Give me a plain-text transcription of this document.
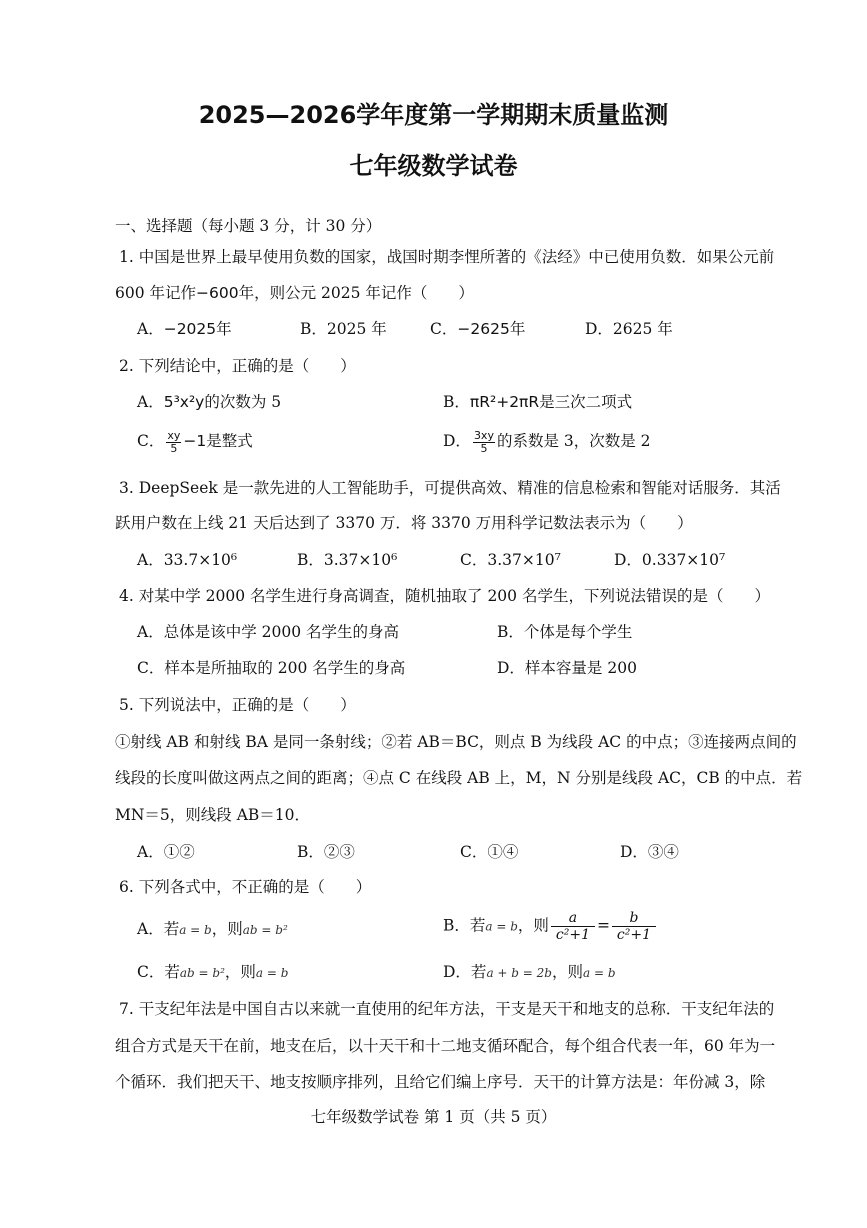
2025—2026学年度第一学期期末质量监测
七年级数学试卷
一、选择题（每小题 3 分，计 30 分）
1. 中国是世界上最早使用负数的国家，战国时期李悝所著的《法经》中已使用负数．如果公元前
600 年记作−600年，则公元 2025 年记作（　　）
A．−2025年	B．2025 年	C．−2625年	D．2625 年
2. 下列结论中，正确的是（　　）
A．5³x²y的次数为 5	B．πR²+2πR是三次二项式
C． $\frac{xy}{5} -1$是整式	D． $\frac{3xy}{5}$ 的系数是 3，次数是 2
3. DeepSeek 是一款先进的人工智能助手，可提供高效、精准的信息检索和智能对话服务．其活
跃用户数在上线 21 天后达到了 3370 万．将 3370 万用科学记数法表示为（　　）
A．33.7×10⁶	B．3.37×10⁶	C．3.37×10⁷	D．0.337×10⁷
4. 对某中学 2000 名学生进行身高调查，随机抽取了 200 名学生，下列说法错误的是（　　）
A．总体是该中学 2000 名学生的身高	B．个体是每个学生
C．样本是所抽取的 200 名学生的身高	D．样本容量是 200
5. 下列说法中，正确的是（　　）
①射线 AB 和射线 BA 是同一条射线；②若 AB＝BC，则点 B 为线段 AC 的中点；③连接两点间的
线段的长度叫做这两点之间的距离；④点 C 在线段 AB 上，M，N 分别是线段 AC，CB 的中点．若
MN＝5，则线段 AB＝10．
A．①②	B．②③	C．①④	D．③④
6. 下列各式中，不正确的是（　　）
A．若a = b，则ab = b²	B．若a = b，则 $\frac{a}{\text{c²+1}} = \frac{b}{\text{c²+1}}$
C．若ab = b²，则a = b	D．若a + b = 2b，则a = b
7. 干支纪年法是中国自古以来就一直使用的纪年方法，干支是天干和地支的总称．干支纪年法的
组合方式是天干在前，地支在后，以十天干和十二地支循环配合，每个组合代表一年，60 年为一
个循环．我们把天干、地支按顺序排列，且给它们编上序号．天干的计算方法是：年份减 3，除
七年级数学试卷 第 1 页（共 5 页）
